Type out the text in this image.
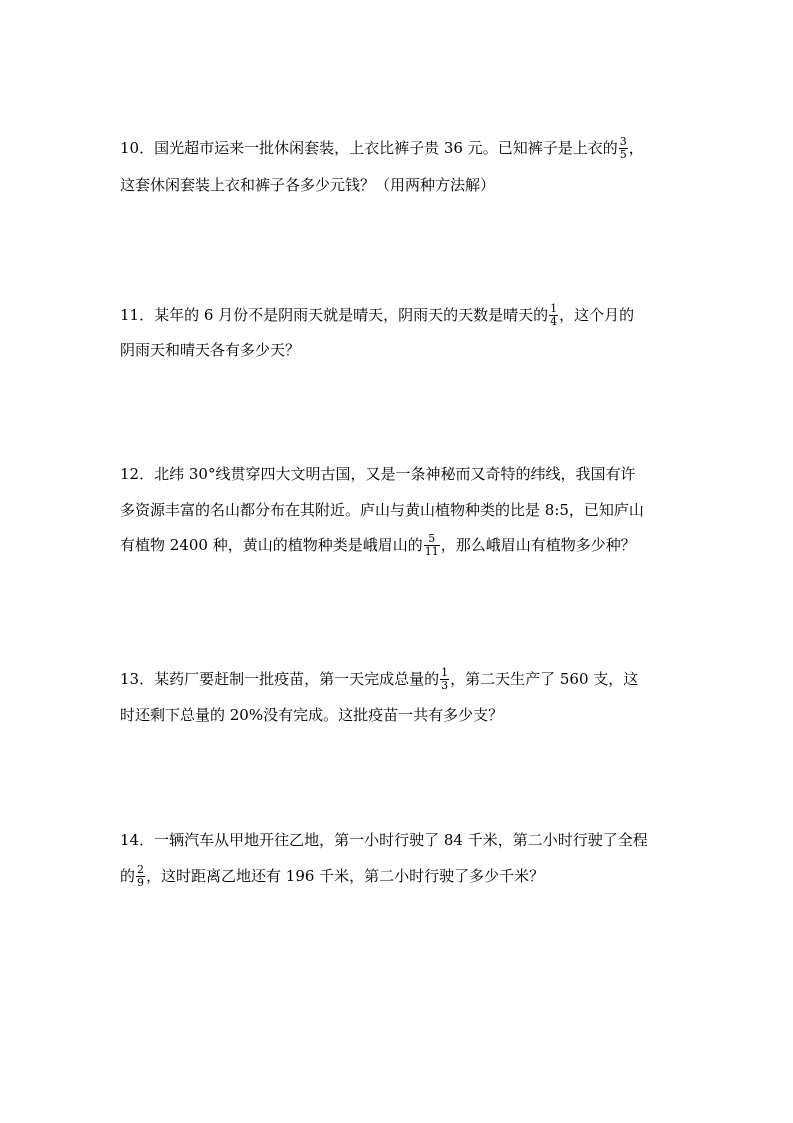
10．国光超市运来一批休闲套装，上衣比裤子贵 36 元。已知裤子是上衣的 $\frac{3}{5}$ ，
这套休闲套装上衣和裤子各多少元钱？（用两种方法解）
11．某年的 6 月份不是阴雨天就是晴天，阴雨天的天数是晴天的 $\frac{1}{4}$ ，这个月的
阴雨天和晴天各有多少天？
12．北纬 30°线贯穿四大文明古国，又是一条神秘而又奇特的纬线，我国有许
多资源丰富的名山都分布在其附近。庐山与黄山植物种类的比是 8:5，已知庐山
有植物 2400 种，黄山的植物种类是峨眉山的 $\frac{5}{11}$ ，那么峨眉山有植物多少种？
13．某药厂要赶制一批疫苗，第一天完成总量的 $\frac{1}{3}$ ，第二天生产了 560 支，这
时还剩下总量的 20%没有完成。这批疫苗一共有多少支？
14．一辆汽车从甲地开往乙地，第一小时行驶了 84 千米，第二小时行驶了全程
的 $\frac{2}{9}$ ，这时距离乙地还有 196 千米，第二小时行驶了多少千米？
